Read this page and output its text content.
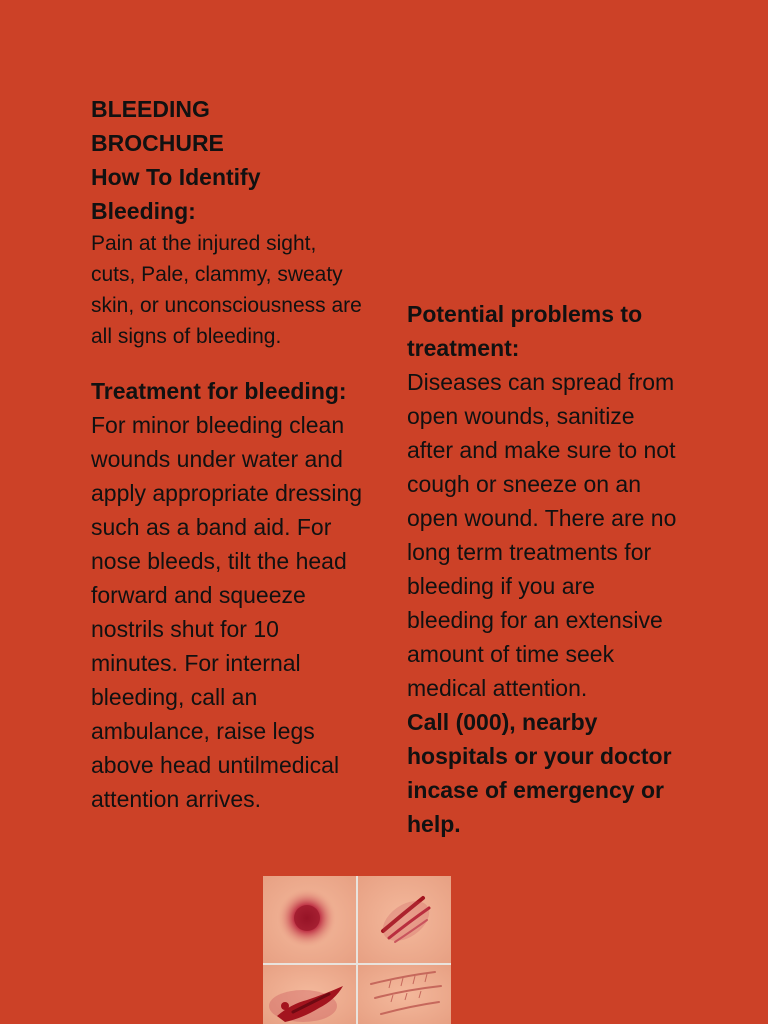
BLEEDING

BROCHURE

How To Identify Bleeding:

Pain at the injured sight, cuts, Pale, clammy, sweaty skin, or unconsciousness are all signs of bleeding.

Treatment for bleeding:

For minor bleeding clean wounds under water and apply appropriate dressing such as a band aid. For nose bleeds, tilt the head forward and squeeze nostrils shut for 10 minutes. For internal bleeding, call an ambulance, raise legs above head untilmedical attention arrives.

Potential problems to treatment:

Diseases can spread from open wounds, sanitize after and make sure to not cough or sneeze on an open wound. There are no long term treatments for bleeding if you are bleeding for an extensive amount of time seek medical attention.

Call (000), nearby hospitals or your doctor incase of emergency or help.
